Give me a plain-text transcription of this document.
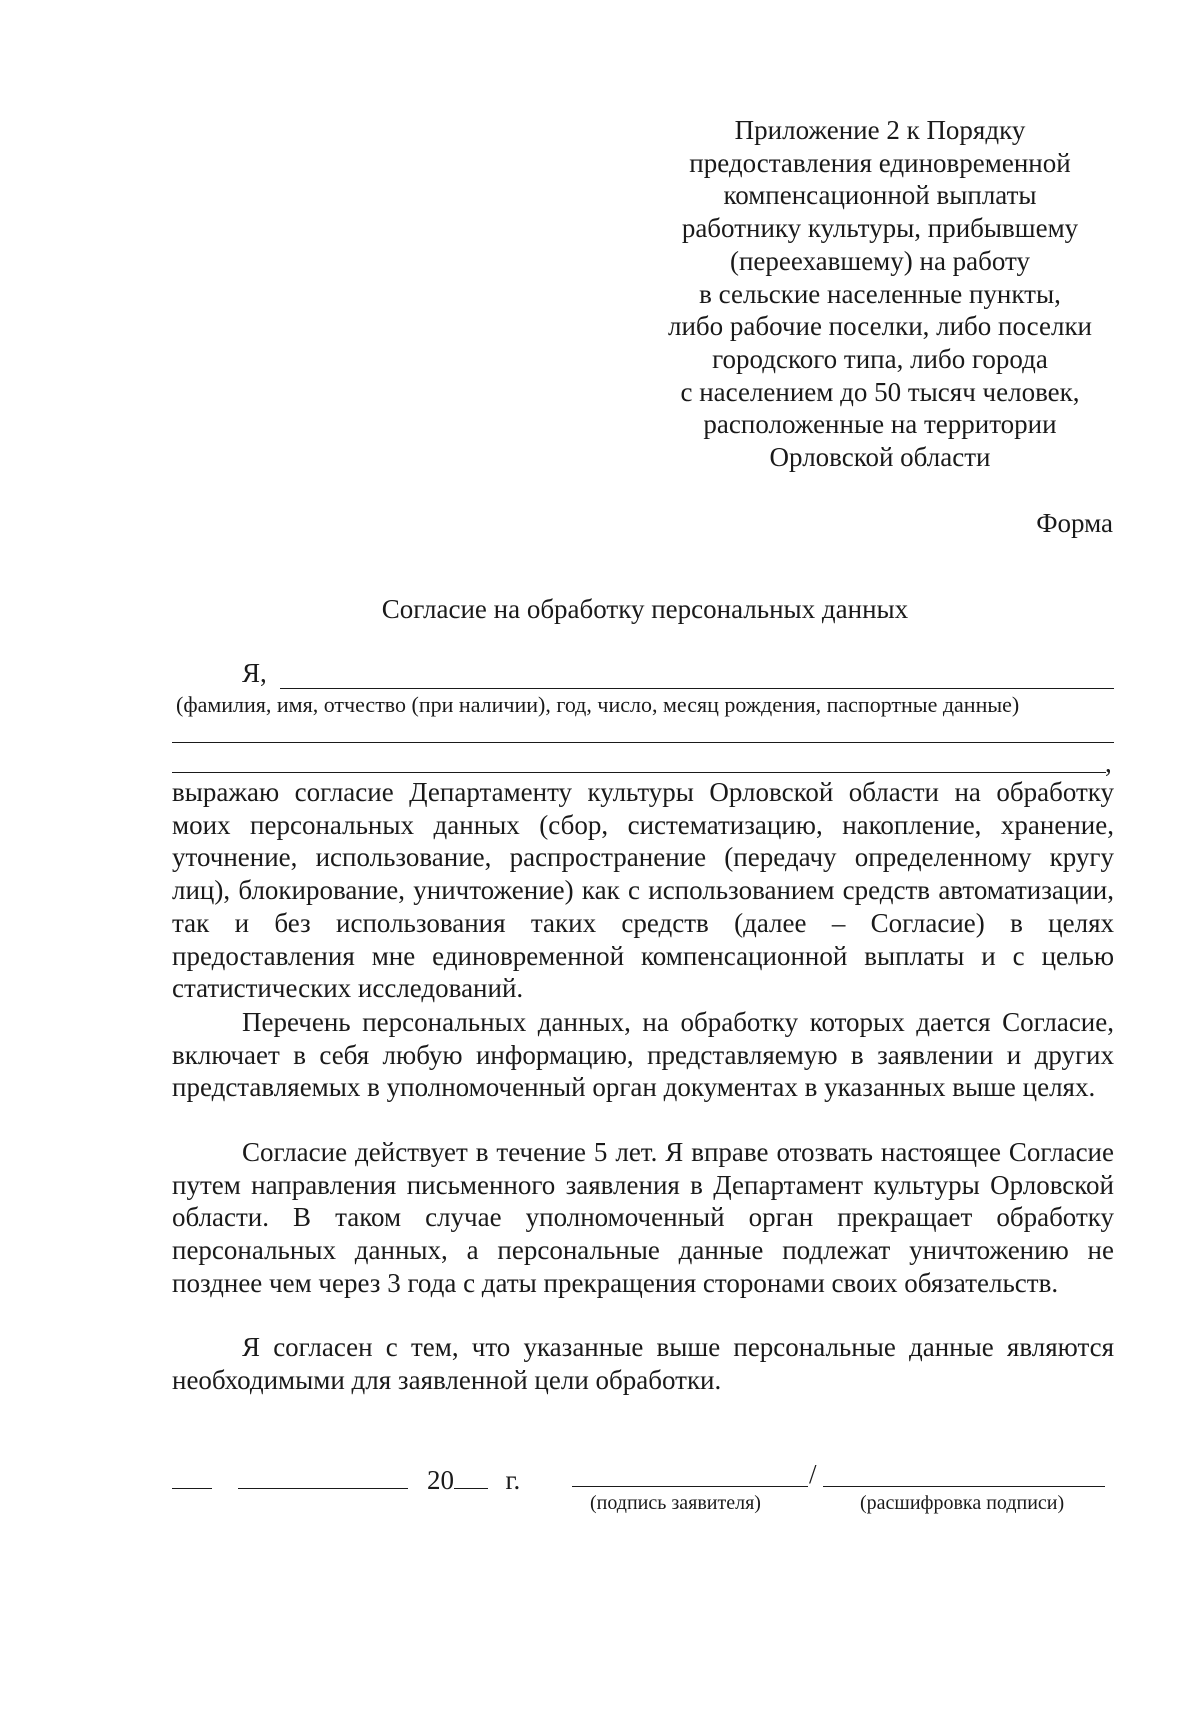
Приложение 2 к Порядку
предоставления единовременной
компенсационной выплаты
работнику культуры, прибывшему
(переехавшему) на работу
в сельские населенные пункты,
либо рабочие поселки, либо поселки
городского типа, либо города
с населением до 50 тысяч человек,
расположенные на территории
Орловской области
Форма
Согласие на обработку персональных данных
Я,
(фамилия, имя, отчество (при наличии), год, число, месяц рождения, паспортные данные)
,

выражаю согласие Департаменту культуры Орловской области на обработку моих персональных данных (сбор, систематизацию, накопление, хранение, уточнение, использование, распространение (передачу определенному кругу лиц), блокирование, уничтожение) как с использованием средств автоматизации, так и без использования таких средств (далее – Согласие) в целях предоставления мне единовременной компенсационной выплаты и с целью статистических исследований.

Перечень персональных данных, на обработку которых дается Согласие, включает в себя любую информацию, представляемую в заявлении и других представляемых в уполномоченный орган документах в указанных выше целях.

Согласие действует в течение 5 лет. Я вправе отозвать настоящее Согласие путем направления письменного заявления в Департамент культуры Орловской области. В таком случае уполномоченный орган прекращает обработку персональных данных, а персональные данные подлежат уничтожению не позднее чем через 3 года с даты прекращения сторонами своих обязательств.

Я согласен с тем, что указанные выше персональные данные являются необходимыми для заявленной цели обработки.

20 г.	/
(подпись заявителя)	(расшифровка подписи)
